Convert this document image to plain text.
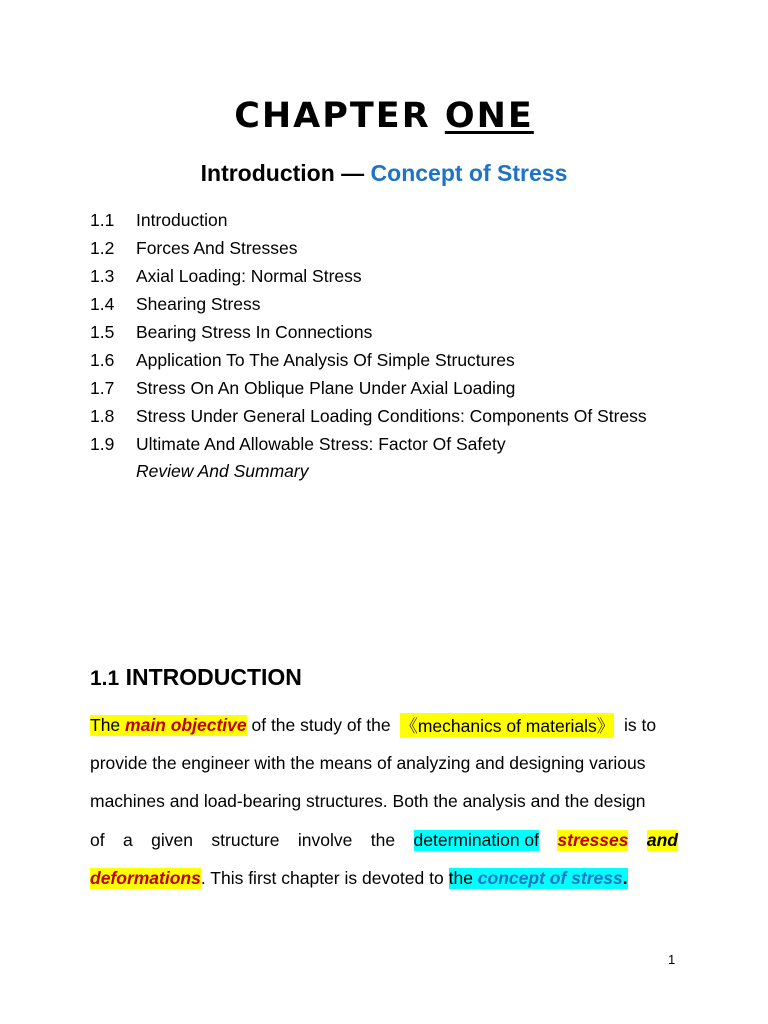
CHAPTER ONE
Introduction — Concept of Stress
1.1	Introduction
1.2	Forces And Stresses
1.3	Axial Loading: Normal Stress
1.4	Shearing Stress
1.5	Bearing Stress In Connections
1.6	Application To The Analysis Of Simple Structures
1.7	Stress On An Oblique Plane Under Axial Loading
1.8	Stress Under General Loading Conditions: Components Of Stress
1.9	Ultimate And Allowable Stress: Factor Of Safety
Review And Summary
1.1 INTRODUCTION
The
main objective
of the study of the
《mechanics of materials》
is to
provide the engineer with the means of analyzing and designing various
machines and load-bearing structures. Both the analysis and the design
of a given structure involve the determination of stresses and
deformations . This first chapter is devoted to
the
concept of stress .
1
